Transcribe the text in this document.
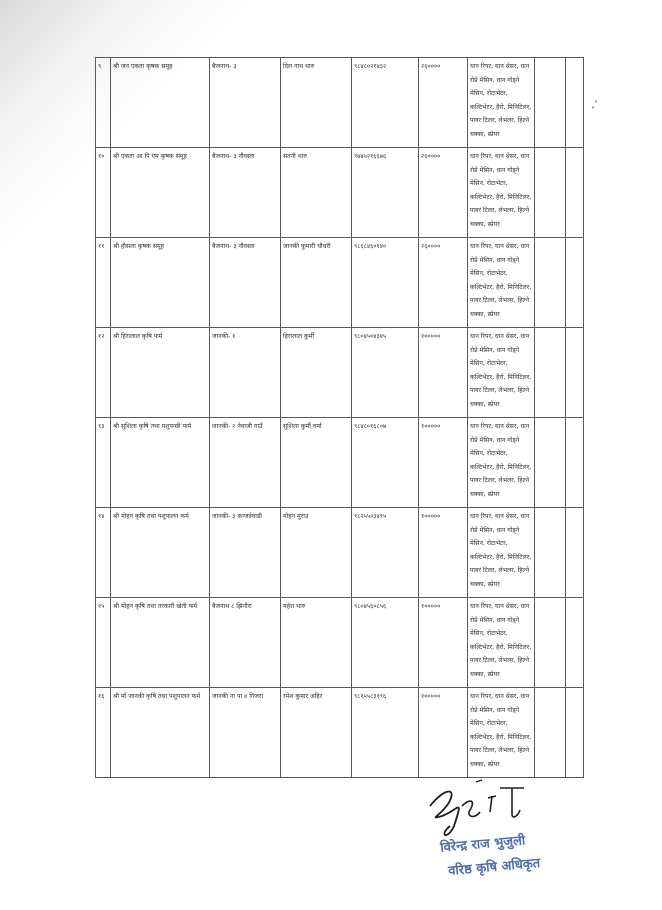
९	श्री जन एकता कृषक समूह	बैजनाथ- ३	दिल नाथ थारु	९८४८०२१४३२	२६००००	धान रिपर, धान थ्रेसर, धान रोप्ने मेसिन, धान गोड्ने मेसिन, रोटाभेटर, कल्टिभेटर, हैरो, मिनिटिलर, पावर टिलर, लेभलर, हिल्ने चक्का, स्प्रेयर		
१०	श्री एकता आ पि एम कृषक समूह	बैजनाथ- ३ नौवस्ता	सतनी थारु	९७४५२१६६७६	२६००००	धान रिपर, धान थ्रेसर, धान रोप्ने मेसिन, धान गोड्ने मेसिन, रोटाभेटर, कल्टिभेटर, हैरो, मिनिटिलर, पावर टिलर, लेभलर, हिल्ने चक्का, स्प्रेयर		
११	श्री हौसला कृषक समूह	बैजनाथ- ३ नौवस्ता	जानकी कुमारी चौधरी	९८६८४६०१४०	२६००००	धान रिपर, धान थ्रेसर, धान रोप्ने मेसिन, धान गोड्ने मेसिन, रोटाभेटर, कल्टिभेटर, हैरो, मिनिटिलर, पावर टिलर, लेभलर, हिल्ने चक्का, स्प्रेयर		
१२	श्री हिरालाल कृषि फर्म	जानकी- १	हिरालाल कुर्मी	९८०४५०४३४५	१०००००	धान रिपर, धान थ्रेसर, धान रोप्ने मेसिन, धान गोड्ने मेसिन, रोटाभेटर, कल्टिभेटर, हैरो, मिनिटिलर, पावर टिलर, लेभलर, हिल्ने चक्का, स्प्रेयर		
१३	श्री सुशिला कृषि तथा पशुपन्छी फर्म	जानकी- २ नेवाजी गाउँ	सुशिला कुर्मी वर्मा	९८४८०१६८०७	१०००००	धान रिपर, धान थ्रेसर, धान रोप्ने मेसिन, धान गोड्ने मेसिन, रोटाभेटर, कल्टिभेटर, हैरो, मिनिटिलर, पावर टिलर, लेभलर, हिल्ने चक्का, स्प्रेयर		
१४	श्री मोहन कृषि तथा पशुपालन फर्म	जानकी- ३ कन्जडेवाडी	मोहन मुराउ	९८२५५०३४९५	१०००००	धान रिपर, धान थ्रेसर, धान रोप्ने मेसिन, धान गोड्ने मेसिन, रोटाभेटर, कल्टिभेटर, हैरो, मिनिटिलर, पावर टिलर, लेभलर, हिल्ने चक्का, स्प्रेयर		
१५	श्री मोहन कृषि तथा तरकारी खेती फर्म	बैजनाथ ८ झिनौरा	महेश थारु	९८०४५६०८५६	१०००००	धान रिपर, धान थ्रेसर, धान रोप्ने मेसिन, धान गोड्ने मेसिन, रोटाभेटर, कल्टिभेटर, हैरो, मिनिटिलर, पावर टिलर, लेभलर, हिल्ने चक्का, स्प्रेयर		
१६	श्री माँ जानकी कृषि तथा पशुपालन फर्म	जानकी ना पा ४ गिजरा	रमेश कुमार अहिर	९८१५५८३१९६	१०००००	धान रिपर, धान थ्रेसर, धान रोप्ने मेसिन, धान गोड्ने मेसिन, रोटाभेटर, कल्टिभेटर, हैरो, मिनिटिलर, पावर टिलर, लेभलर, हिल्ने चक्का, स्प्रेयर		
•
•
विरेन्द्र राज भुजुली
वरिष्ठ कृषि अधिकृत
